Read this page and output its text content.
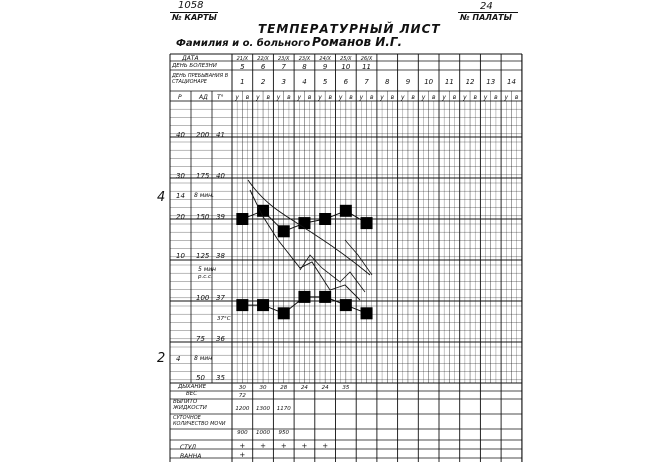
1058
№ КАРТЫ
24
№ ПАЛАТЫ
ТЕМПЕРАТУРНЫЙ ЛИСТ
Фамилия и о. больного Романов И.Г.
4
2
21/X 22/X 23/X 23/X 24/X 25/X 26/X
5 6 7 8 9 10 11
1 2 3 4 5 6 7 8 9 10 11 12 13 14
у в у в у в у в у в у в у в у в у в у в у в у в у в у в
30 30 28 24 24 35
72
1200 1300 1170
900 1000 950
+ + + + +
+
ДАТА
ДЕНЬ БОЛЕЗНИ
ДЕНЬ ПРЕБЫВАНИЯ В СТАЦИОНАРЕ
Р	АД Т°
40
30
20
10
200
175
150
125
100
75
50
41
40
39
38
37
36
35
14 8 мин.
5 мин
р.с.с.
37°С
4 8 мин
ДЫХАНИЕ
ВЕС
ВЫПИТО ЖИДКОСТИ
СУТОЧНОЕ КОЛИЧЕСТВО МОЧИ
СТУЛ
ВАННА
